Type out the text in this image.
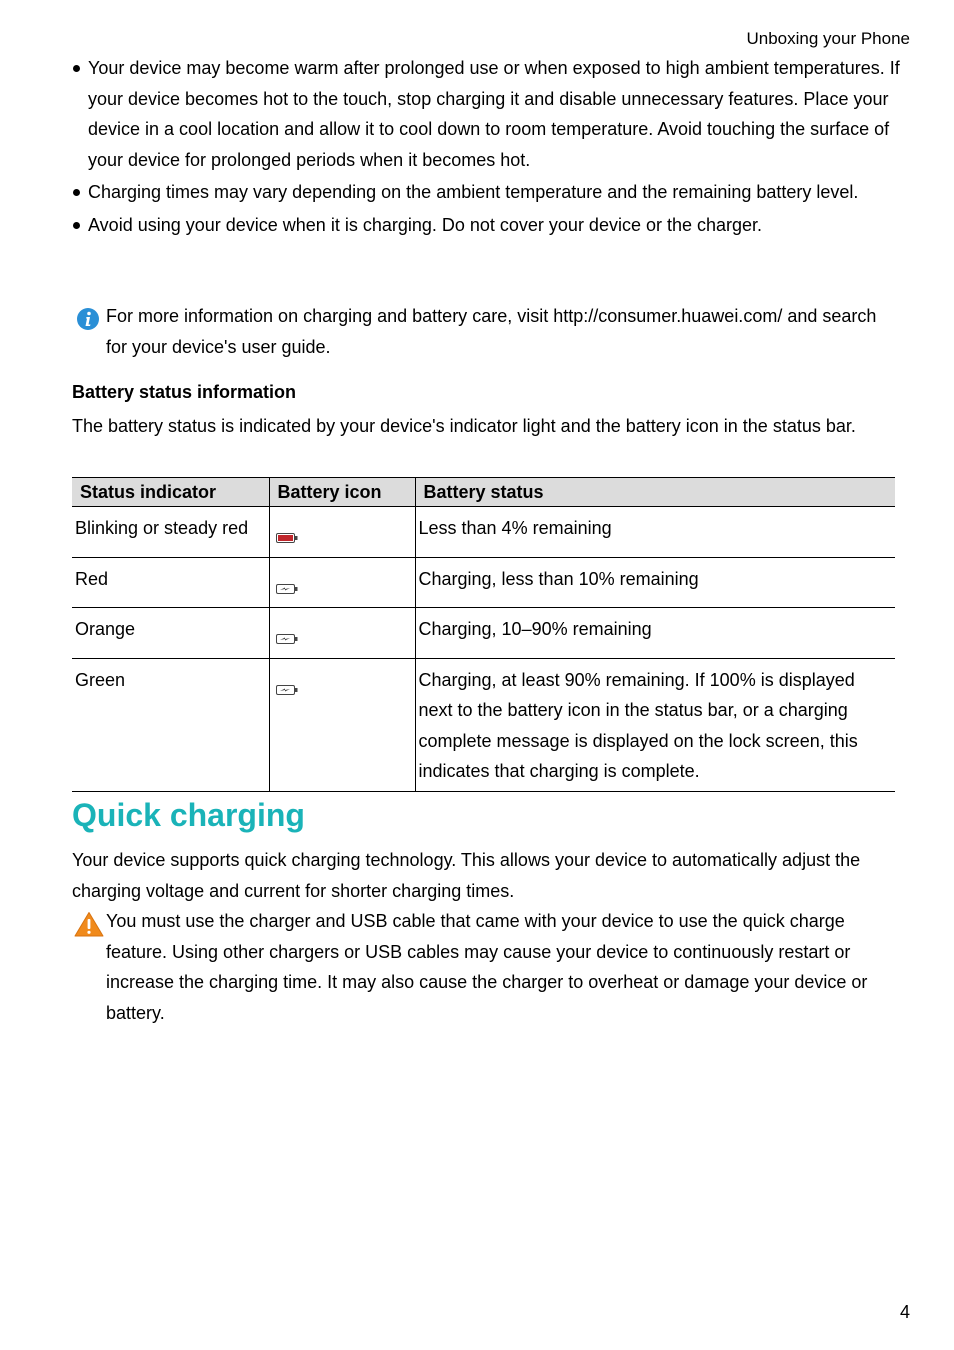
Unboxing your Phone
Your device may become warm after prolonged use or when exposed to high ambient temperatures. If your device becomes hot to the touch, stop charging it and disable unnecessary features. Place your device in a cool location and allow it to cool down to room temperature. Avoid touching the surface of your device for prolonged periods when it becomes hot.
Charging times may vary depending on the ambient temperature and the remaining battery level.
Avoid using your device when it is charging. Do not cover your device or the charger.
For more information on charging and battery care, visit http://consumer.huawei.com/ and search for your device's user guide.
Battery status information
The battery status is indicated by your device's indicator light and the battery icon in the status bar.
Status indicator	Battery icon	Battery status
Blinking or steady red		Less than 4% remaining
Red		Charging, less than 10% remaining
Orange		Charging, 10–90% remaining
Green		Charging, at least 90% remaining. If 100% is displayed next to the battery icon in the status bar, or a charging complete message is displayed on the lock screen, this indicates that charging is complete.
Quick charging
Your device supports quick charging technology. This allows your device to automatically adjust the charging voltage and current for shorter charging times.
You must use the charger and USB cable that came with your device to use the quick charge feature. Using other chargers or USB cables may cause your device to continuously restart or increase the charging time. It may also cause the charger to overheat or damage your device or battery.
4
